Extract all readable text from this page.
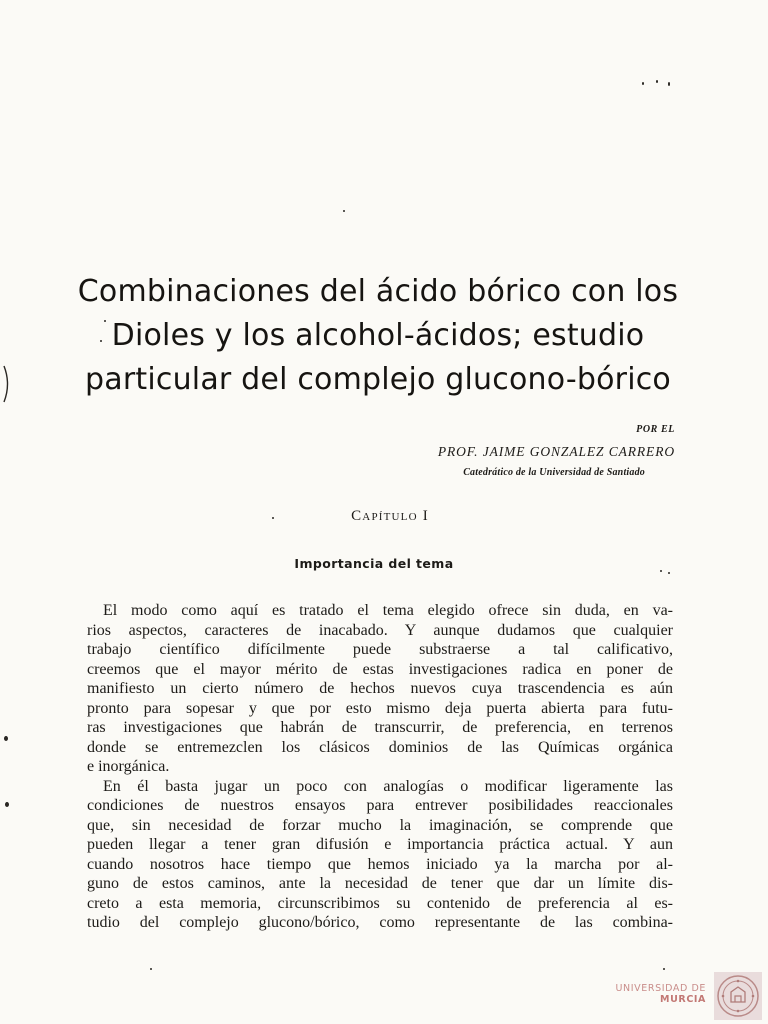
Combinaciones del ácido bórico con los
Dioles y los alcohol-ácidos; estudio
particular del complejo glucono-bórico
POR EL
PROF. JAIME GONZALEZ CARRERO
Catedrático de la Universidad de Santiado
Capítulo I
Importancia del tema
El modo como aquí es tratado el tema elegido ofrece sin duda, en va-
rios aspectos, caracteres de inacabado. Y aunque dudamos que cualquier
trabajo científico difícilmente puede substraerse a tal calificativo,
creemos que el mayor mérito de estas investigaciones radica en poner de
manifiesto un cierto número de hechos nuevos cuya trascendencia es aún
pronto para sopesar y que por esto mismo deja puerta abierta para futu-
ras investigaciones que habrán de transcurrir, de preferencia, en terrenos
donde se entremezclen los clásicos dominios de las Químicas orgánica
e inorgánica.
En él basta jugar un poco con analogías o modificar ligeramente las
condiciones de nuestros ensayos para entrever posibilidades reaccionales
que, sin necesidad de forzar mucho la imaginación, se comprende que
pueden llegar a tener gran difusión e importancia práctica actual. Y aun
cuando nosotros hace tiempo que hemos iniciado ya la marcha por al-
guno de estos caminos, ante la necesidad de tener que dar un límite dis-
creto a esta memoria, circunscribimos su contenido de preferencia al es-
tudio del complejo glucono/bórico, como representante de las combina-
UNIVERSIDAD DE
MURCIA
